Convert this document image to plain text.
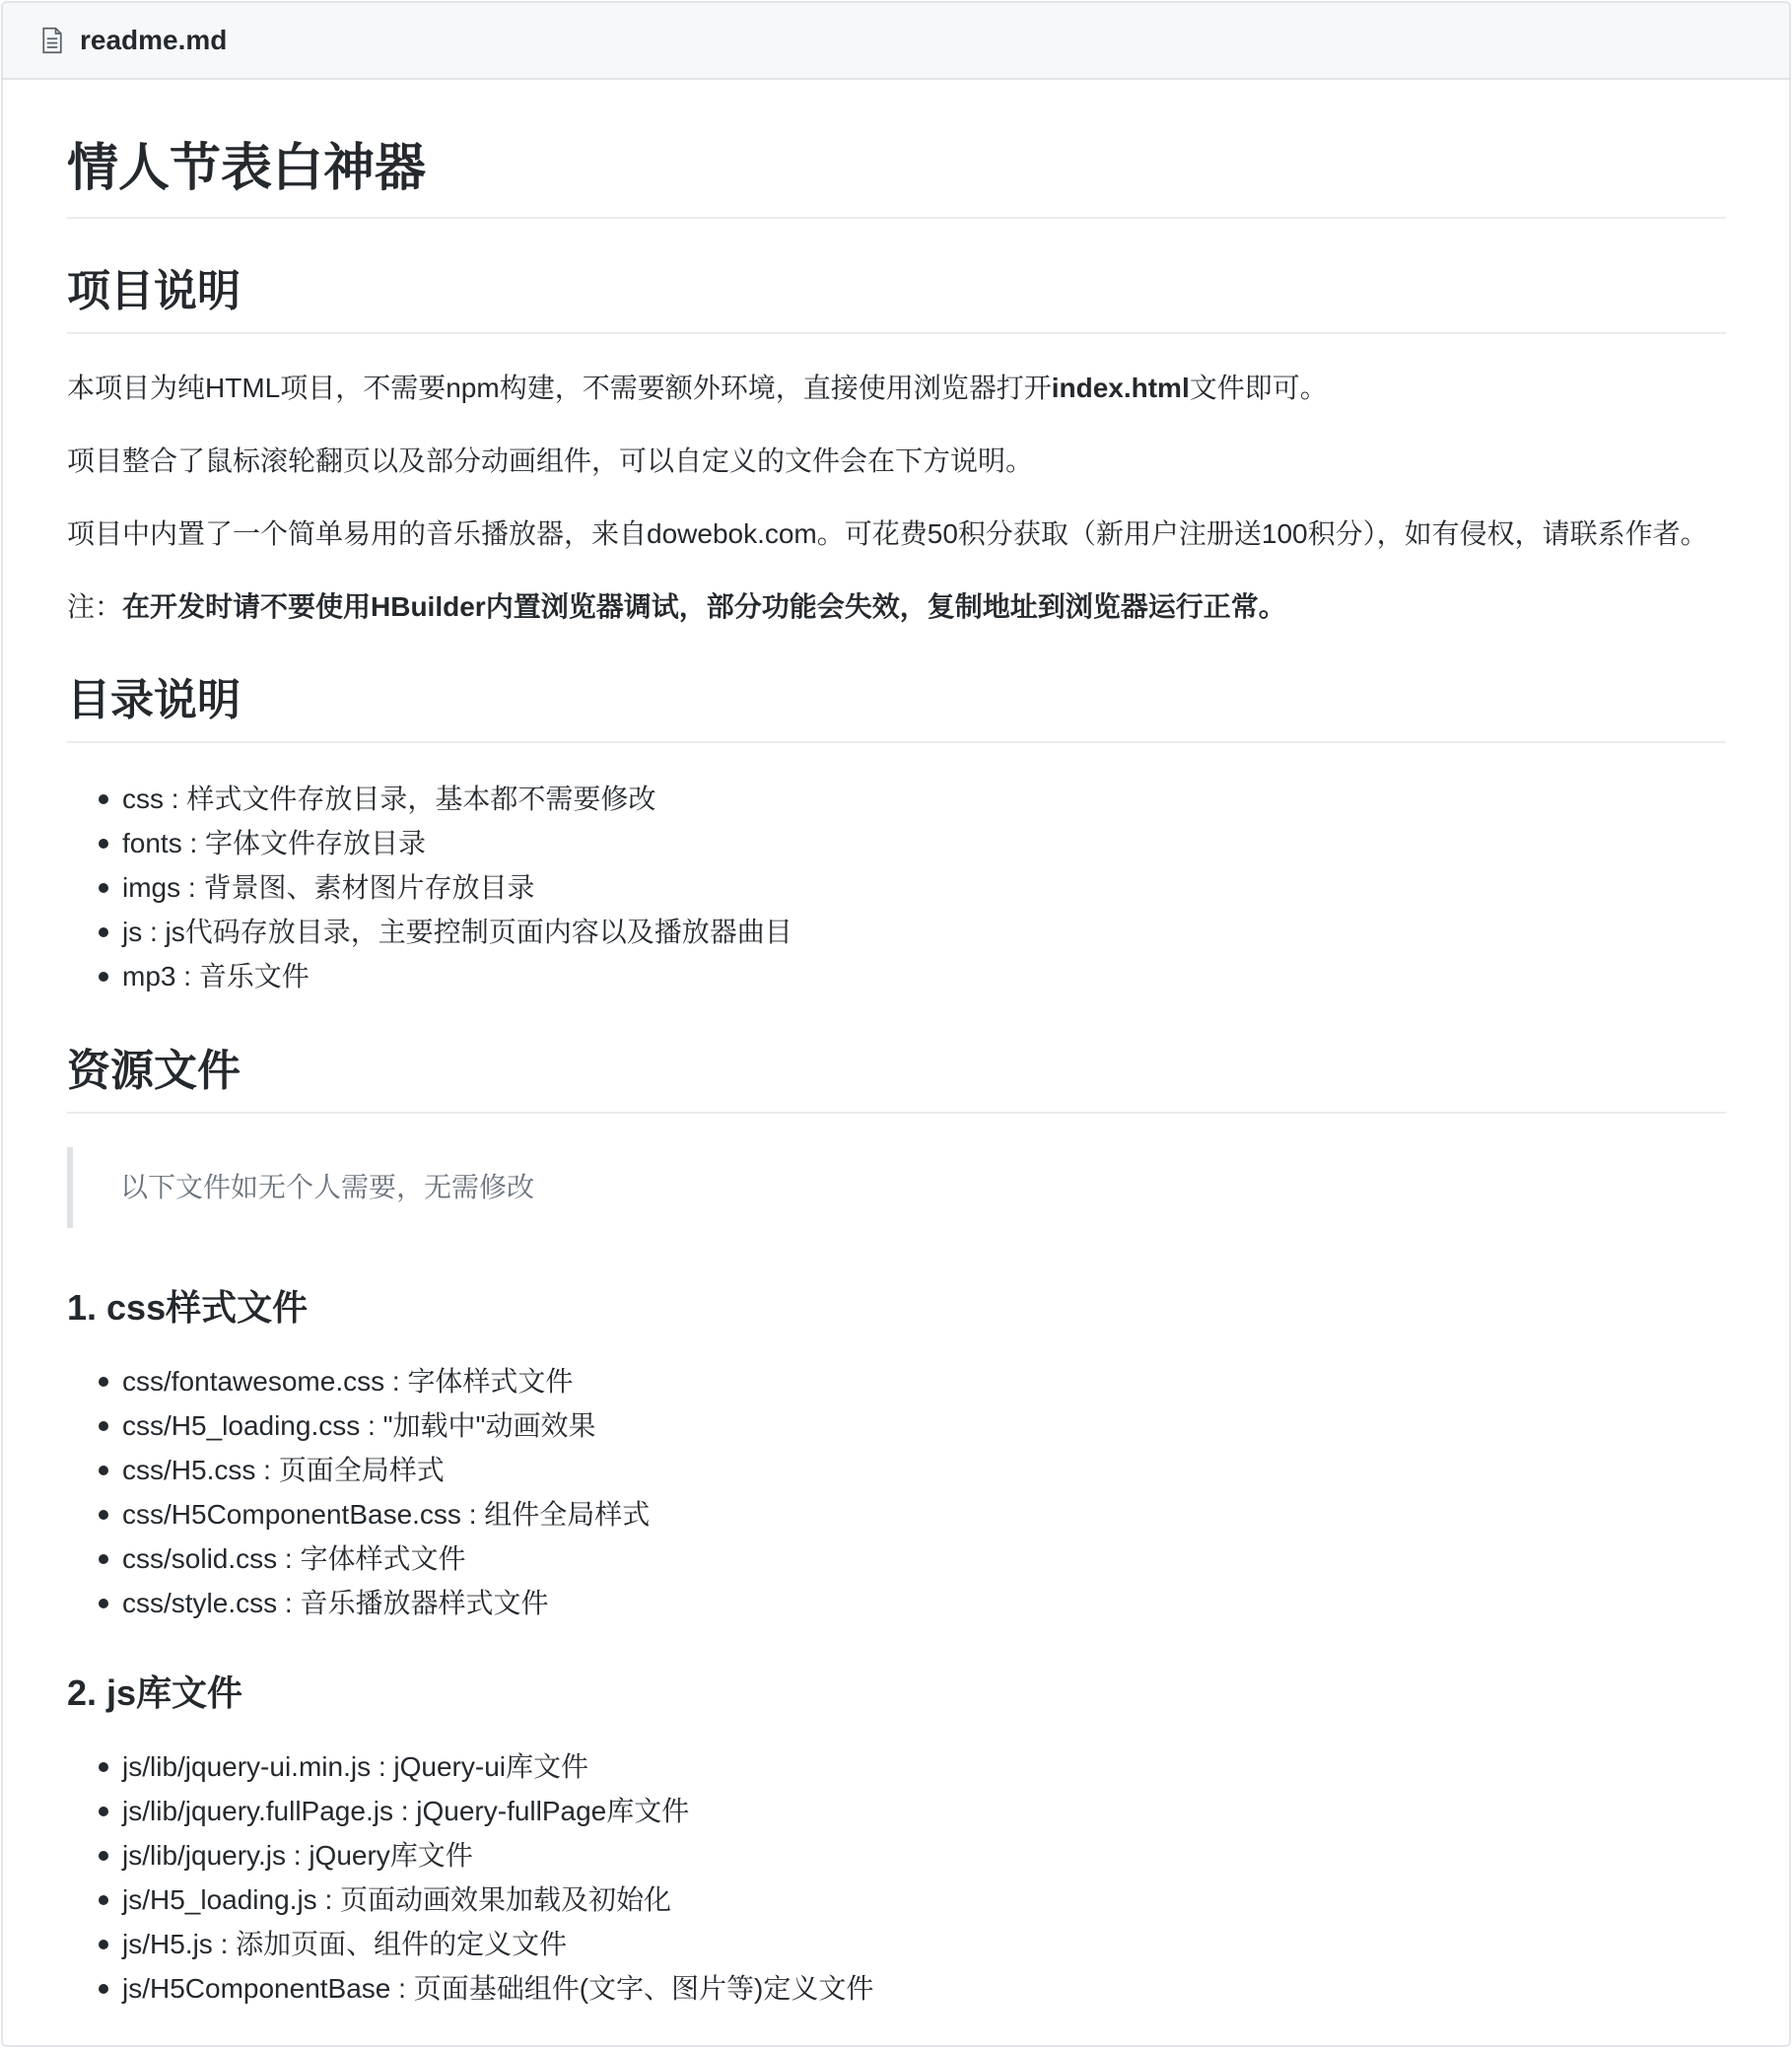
readme.md
情人节表白神器
项目说明

本项目为纯HTML项目，不需要npm构建，不需要额外环境，直接使用浏览器打开index.html文件即可。

项目整合了鼠标滚轮翻页以及部分动画组件，可以自定义的文件会在下方说明。

项目中内置了一个简单易用的音乐播放器，来自dowebok.com。可花费50积分获取（新用户注册送100积分），如有侵权，请联系作者。

注：在开发时请不要使用HBuilder内置浏览器调试，部分功能会失效，复制地址到浏览器运行正常。

目录说明
css : 样式文件存放目录，基本都不需要修改
fonts : 字体文件存放目录
imgs : 背景图、素材图片存放目录
js : js代码存放目录，主要控制页面内容以及播放器曲目
mp3 : 音乐文件
资源文件
以下文件如无个人需要，无需修改
1. css样式文件
css/fontawesome.css : 字体样式文件
css/H5_loading.css : "加载中"动画效果
css/H5.css : 页面全局样式
css/H5ComponentBase.css : 组件全局样式
css/solid.css : 字体样式文件
css/style.css : 音乐播放器样式文件
2. js库文件
js/lib/jquery-ui.min.js : jQuery-ui库文件
js/lib/jquery.fullPage.js : jQuery-fullPage库文件
js/lib/jquery.js : jQuery库文件
js/H5_loading.js : 页面动画效果加载及初始化
js/H5.js : 添加页面、组件的定义文件
js/H5ComponentBase : 页面基础组件(文字、图片等)定义文件
